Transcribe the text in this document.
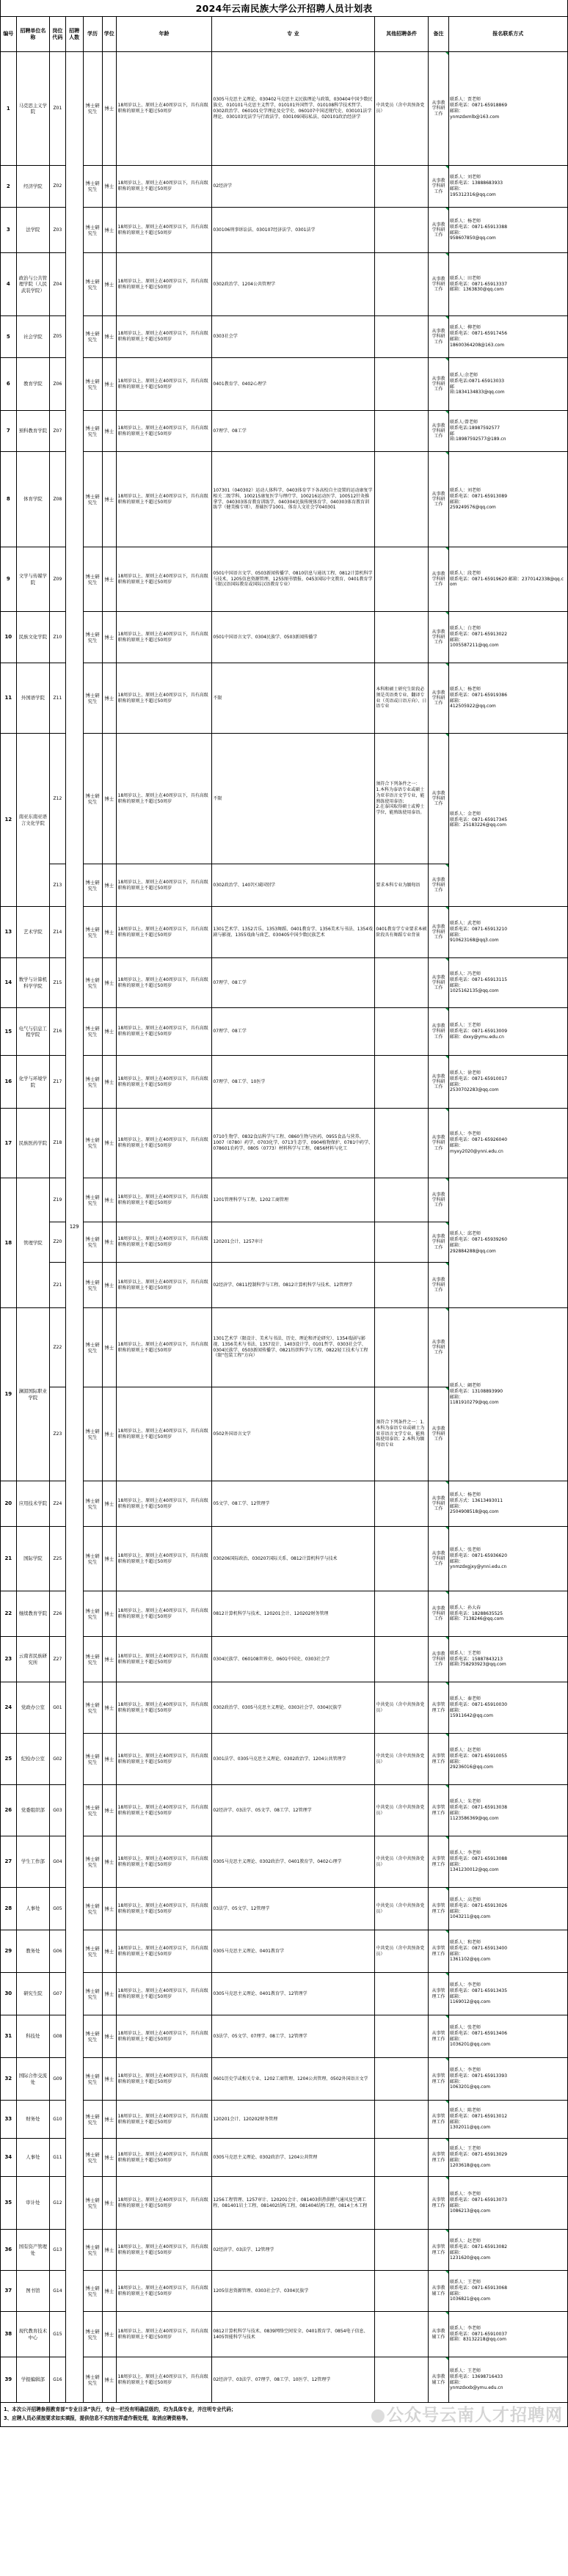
2024年云南民族大学公开招聘人员计划表
编号	招聘单位名称	岗位代码	招聘人数	学历	学位	年龄	专 业	其他招聘条件	备注	报名联系方式
1	马克思主义学院	Z01	129	博士研究生	博士	18周岁以上、原则上在40周岁以下，具有高级职称的原则上不超过50周岁	0305马克思主义理论、030402马克思主义民族理论与政策，030404中国少数民族史、010101马克思主义哲学、010101外国哲学、010108科学技术哲学、0302政治学、060101史学理论及史学史、060107中国近现代史、030101法学理论、030103宪法学与行政法学、030109国际私法、020101政治经济学	中共党员（含中共预备党员）	从事教学科研工作	联系人：贾老师
联系电话：0871-65918869
邮箱：
ynmzdxmlb@163.com
2	经济学院	Z02		博士研究生	博士	18周岁以上、原则上在40周岁以下，具有高级职称的原则上不超过50周岁	02经济学		从事教学科研工作	联系人：刘老师
联系电话：13888683933
邮箱：
195312316@qq.com
3	法学院	Z03		博士研究生	博士	18周岁以上、原则上在40周岁以下，具有高级职称的原则上不超过50周岁	030106刑事诉讼法、030107经济法学、0301法学		从事教学科研工作	联系人：杨老师
联系电话：0871-65913388
邮箱：
958607850@qq.com
4	政治与公共管理学院（人民武装学院）	Z04		博士研究生	博士	18周岁以上、原则上在40周岁以下，具有高级职称的原则上不超过50周岁	0302政治学、1204公共管理学		从事教学科研工作	联系人：田老师
联系电话：0871-65913337
邮箱：1363830@qq.com
5	社会学院	Z05		博士研究生	博士	18周岁以上、原则上在40周岁以下，具有高级职称的原则上不超过50周岁	0303社会学		从事教学科研工作	联系人：柳老师
联系电话：0871-65917456
邮箱：
18600364208@163.com
6	教育学院	Z06		博士研究生	博士	18周岁以上、原则上在40周岁以下，具有高级职称的原则上不超过50周岁	0401教育学、0402心理学		从事教学科研工作	联系人:余老师
联系电话:0871-65913033
邮
箱:1834134833@qq.com
7	预科教育学院	Z07		博士研究生	博士	18周岁以上、原则上在40周岁以下，具有高级职称的原则上不超过50周岁	07理学、08工学		从事教学科研工作	联系人:曾老师
联系电话:18987592577
邮
箱:18987592577@189.cn
8	体育学院	Z08		博士研究生	博士	18周岁以上、原则上在40周岁以下，具有高级职称的原则上不超过50周岁	107301（040302）运动人体科学、0403体育学下各高校自主设置的运动康复学相关二级学科、100215康复医学与理疗学、100216运动医学、100512针灸推拿学、040303体育教育训练学、040304民族传统体育学、040303体育教育训练学（健美操专项）、基础医学1001、体育人文社会学040301		从事教学科研工作	联系人：刘老师
联系电话：0871-65913089
邮箱：
259249576@qq.com
9	文学与传媒学院	Z09		博士研究生	博士	18周岁以上、原则上在40周岁以下，具有高级职称的原则上不超过50周岁	0501中国语言文学、0503新闻传播学、0810信息与通讯工程、0812计算机科学与技术、1205信息资源管理、1255图书情报、0453国际中文教育、0401教育学（限汉语国际教育或国际汉语教育专业）		从事教学科研工作	联系人：段老师
联系电话：0871-65919620 邮箱：2370142338@qq.com
10	民族文化学院	Z10		博士研究生	博士	18周岁以上、原则上在40周岁以下，具有高级职称的原则上不超过50周岁	0501中国语言文学、0304民族学、0503新闻传播学		从事教学科研工作	联系人：白老师
联系电话：0871-65913022
邮箱：
1005587211@qq.com
11	外国语学院	Z11		博士研究生	博士	18周岁以上、原则上在40周岁以下，具有高级职称的原则上不超过50周岁	不限	本科和硕士研究生阶段必须是英语类专业、翻译专业（英语或日语方向）、日语专业	从事教学科研工作	联系人：杨老师
联系电话：0871-65919386
邮箱：
412505922@qq.com
12	南亚东南亚语言文化学院	Z12		博士研究生	博士	18周岁以上、原则上在40周岁以下，具有高级职称的原则上不超过50周岁	不限	须符合下列条件之一：
1.本科为泰语专业或硕士为亚非语言文学专业，能熟练使用泰语；
2.在泰国取得硕士或博士学位，能熟练使用泰语。	从事教学科研工作	联系人：金老师
联系电话：0871-65917345
邮箱：25183226@qq.com
		Z13		博士研究生	博士	18周岁以上、原则上在40周岁以下，具有高级职称的原则上不超过50周岁	0302政治学、1407区域国别学	要求本科专业为缅甸语	从事教学科研工作	
13	艺术学院	Z14		博士研究生	博士	18周岁以上、原则上在40周岁以下，具有高级职称的原则上不超过50周岁	1301艺术学、1352音乐、1353舞蹈、0401教育学、1356美术与书法、1354戏剧与影视、1355戏曲与曲艺、030405中国少数民族艺术	0401教育学专业要求本硕阶段具有舞蹈专业背景	从事教学科研工作	联系人：武老师
联系电话：0871-65913210
邮箱：
910623168@qq3.com
14	数学与计算机科学学院	Z15		博士研究生	博士	18周岁以上、原则上在40周岁以下，具有高级职称的原则上不超过50周岁	07理学、08工学		从事教学科研工作	联系人：冯老师
联系电话：0871-65913115
邮箱：
1025162135@qq.com
15	电气与信息工程学院	Z16		博士研究生	博士	18周岁以上、原则上在40周岁以下，具有高级职称的原则上不超过50周岁	07理学、08工学		从事教学科研工作	联系人：王老师
联系电话：0871-65913009
邮箱：dxxy@ymu.edu.cn
16	化学与环境学院	Z17		博士研究生	博士	18周岁以上、原则上在40周岁以下，具有高级职称的原则上不超过50周岁	07理学、08工学、10医学		从事教学科研工作	联系人：徐老师
联系电话：0871-65910017
邮箱：
2530702283@qq.com
17	民族医药学院	Z18		博士研究生	博士	18周岁以上、原则上在40周岁以下，具有高级职称的原则上不超过50周岁	0710生物学、0832食品科学与工程、0860生物与医药、0955食品与营养、1007（0780）药学、0703化学、0713生态学、0904植物保护、0781中药学、078601农药学、0805（0773）材料科学与工程、0856材料与化工		从事教学科研工作	联系人：李老师
联系电话：0871-65926040
邮箱：
myxy2020@ynni.edu.cn
18	管理学院	Z19		博士研究生	博士	18周岁以上、原则上在40周岁以下，具有高级职称的原则上不超过50周岁	1201管理科学与工程、1202工商管理		从事教学科研工作	联系人：邱老师
联系电话：0871-65939260
邮箱：
292884288@qq.com
		Z20		博士研究生	博士	18周岁以上、原则上在40周岁以下，具有高级职称的原则上不超过50周岁	120201会计、1257审计		从事教学科研工作	
		Z21		博士研究生	博士	18周岁以上、原则上在40周岁以下，具有高级职称的原则上不超过50周岁	02经济学、0811控制科学与工程、0812计算机科学与技术、12管理学		从事教学科研工作	
19	澜湄国际职业学院	Z22		博士研究生	博士	18周岁以上、原则上在40周岁以下，具有高级职称的原则上不超过50周岁	1301艺术学（限设计、美术与书法、历史、理论和评论研究）、1354戏剧与影视、1356美术与书法、1357设计、1403设计学、0101哲学、0303社会学、0304民族学、0503新闻传播学、0821纺织科学与工程、0822轻工技术与工程（限“包装工程”方向）		从事教学科研工作	联系人：阚老师
联系电话：13108893990
邮箱：
1181910279@qq.com
		Z23		博士研究生	博士	18周岁以上、原则上在40周岁以下，具有高级职称的原则上不超过50周岁	0502外国语言文学	须符合下列条件之一：1.本科为泰语专业或硕士为亚非语言文学专业，能熟练使用泰语；2.本科为缅甸语专业	从事教学科研工作	
20	应用技术学院	Z24		博士研究生	博士	18周岁以上、原则上在40周岁以下，具有高级职称的原则上不超过50周岁	05文学、08工学、12管理学		从事教学科研工作	联系人：杨老师
联系方式：13613493011
邮箱：
2504908518@qq.com
21	国际学院	Z25		博士研究生	博士	18周岁以上、原则上在40周岁以下，具有高级职称的原则上不超过50周岁	030206国际政治、030207国际关系、0812计算机科学与技术		从事教学科研工作	联系人：张老师
联系电话：0871-65936620
邮箱：
ynmzdxgjxy@ynni.edu.cn
22	继续教育学院	Z26		博士研究生	博士	18周岁以上、原则上在40周岁以下，具有高级职称的原则上不超过50周岁	0812计算机科学与技术、120201会计、120202财务管理		从事教学科研工作	联系人：孙大春
联系电话：18288635525
邮箱：7138246@qq.com
23	云南省民族研究所	Z27		博士研究生	博士	18周岁以上、原则上在40周岁以下，具有高级职称的原则上不超过50周岁	0304民族学、060108世界史、0601中国史、0303社会学		从事教学科研工作	联系人：王老师
联系电话：15887843213
邮箱:758293923@qq.com
24	党政办公室	G01		博士研究生	博士	18周岁以上、原则上在40周岁以下，具有高级职称的原则上不超过50周岁	0302政治学、0305马克思主义理论、0303社会学、0304民族学	中共党员（含中共预备党员）	从事管理工作	联系人：秦老师
联系电话：0871-65910030
邮箱：
15911642@qq.com
25	纪检办公室	G02		博士研究生	博士	18周岁以上、原则上在40周岁以下，具有高级职称的原则上不超过50周岁	0301法学、0305马克思主义理论、0302政治学、1204公共管理学	中共党员（含中共预备党员）	从事管理工作	联系人：赵老师
联系电话：0871-65910055
邮箱：
29236016@qq.com
26	党委组织部	G03		博士研究生	博士	18周岁以上、原则上在40周岁以下，具有高级职称的原则上不超过50周岁	02经济学、03法学、05文学、08工学、12管理学	中共党员（含中共预备党员）	从事管理工作	联系人：朱老师
联系电话：0871-65913038
邮箱：
1123586369@qq.com
27	学生工作部	G04		博士研究生	博士	18周岁以上、原则上在40周岁以下，具有高级职称的原则上不超过50周岁	0305马克思主义理论、0302政治学、0401教育学、0402心理学	中共党员（含中共预备党员）	从事管理工作	联系人：李老师
联系电话：0871-65913088
邮箱：
1341230012@qq.com
28	人事处	G05		博士研究生	博士	18周岁以上、原则上在40周岁以下，具有高级职称的原则上不超过50周岁	03法学、05文学、12管理学	中共党员（含中共预备党员）	从事管理工作	联系人：高老师
联系电话：0871-65913026
邮箱：
1043211@qq.com
29	教务处	G06		博士研究生	博士	18周岁以上、原则上在40周岁以下，具有高级职称的原则上不超过50周岁	0305马克思主义理论、0401教育学	中共党员（含中共预备党员）	从事管理工作	联系人：和老师
联系电话：0871-65913400
邮箱：
1361102@qq.com
30	研究生院	G07		博士研究生	博士	18周岁以上、原则上在40周岁以下，具有高级职称的原则上不超过50周岁	0305马克思主义理论、0401教育学、12管理学		从事管理工作	联系人：李老师
联系电话：0871-65913435
邮箱：
1169012@qq.com
31	科技处	G08		博士研究生	博士	18周岁以上、原则上在40周岁以下，具有高级职称的原则上不超过50周岁	03法学、05文学、07理学、08工学、12管理学		从事管理工作	联系人：张老师
联系电话：0871-65913406
邮箱：
1036201@qq.com
32	国际合作交流处	G09		博士研究生	博士	18周岁以上、原则上在40周岁以下，具有高级职称的原则上不超过50周岁	0601历史学或相关专业、1202工商管理、1204公共管理、0502外国语言文学		从事管理工作	联系人：李老师
联系电话：0871-65913393
邮箱：
1063201@qq.com
33	财务处	G10		博士研究生	博士	18周岁以上、原则上在40周岁以下，具有高级职称的原则上不超过50周岁	120201会计、120202财务管理		从事管理工作	联系人：陈老师
联系电话：0871-65913012
邮箱：
1302011@qq.com
34	人事处	G11		博士研究生	博士	18周岁以上、原则上在40周岁以下，具有高级职称的原则上不超过50周岁	0305马克思主义理论、0302政治学、1204公共管理		从事管理工作	联系人：王老师
联系电话：0871-65913029
邮箱：
1203618@qq.com
35	审计处	G12		博士研究生	博士	18周岁以上、原则上在40周岁以下，具有高级职称的原则上不超过50周岁	1256工程管理、1257审计、120201会计、081403供热供燃气通风及空调工程、081401岩土工程、081402结构工程、081404结构工程、0814土木工程		从事管理工作	联系人：李老师
联系电话：0871-65913073
邮箱：
1086213@qq.com
36	国有资产管理处	G13		博士研究生	博士	18周岁以上、原则上在40周岁以下，具有高级职称的原则上不超过50周岁	02经济学、03法学、12管理学		从事管理工作	联系人：赵老师
联系电话：0871-65913082
邮箱：
1231620@qq.com
37	图书馆	G14		博士研究生	博士	18周岁以上、原则上在40周岁以下，具有高级职称的原则上不超过50周岁	1205信息资源管理、0303社会学、0304民族学		从事教辅工作	联系人：王老师
联系电话：0871-65913068
邮箱：
1036821@qq.com
38	现代教育技术中心	G15		博士研究生	博士	18周岁以上、原则上在40周岁以下，具有高级职称的原则上不超过50周岁	0812计算机科学与技术、0839网络空间安全、0401教育学、0854电子信息、1405智能科学与技术		从事教辅工作	联系人：李老师
联系电话：0871-65910037
邮箱：83132218@qq.com
39	学报编辑部	G16		博士研究生	博士	18周岁以上、原则上在40周岁以下，具有高级职称的原则上不超过50周岁	02经济学、03法学、07理学、08工学、10医学、12管理学		从事教辅工作	联系人：王老师
联系电话：13698716433
邮箱：
ynmzdxxb@ymu.edu.cn
1、本次公开招聘参照教育部“专业目录”执行，专业一栏没有明确层级的，均为具体专业，并注明专业代码；
3、应聘人员必须按要求如实填报，提供信息不实的按弄虚作假处理，取消应聘资格等。	公众号云南人才招聘网
